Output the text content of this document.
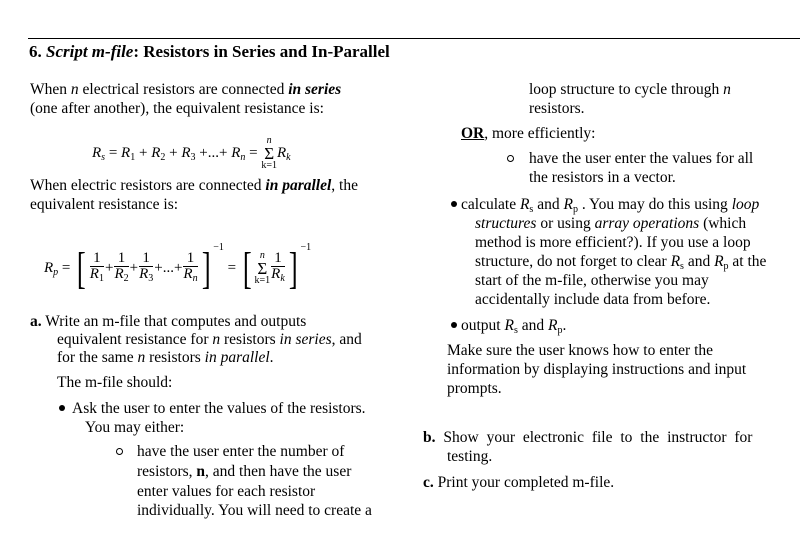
6. Script m-file: Resistors in Series and In-Parallel
When n electrical resistors are connected in series
(one after another), the equivalent resistance is:
$R_s = R_1 + R_2 + R_3$ +...+ $R_n = n$
Σ
$k=1R_k$
When electric resistors are connected in parallel, the
equivalent resistance is:
$R_p$ = [ $\frac{1}{R_1} + \frac{1}{R_2} + \frac{1}{R_3}$ +...+ $\frac{1}{R_n}$ ] $^{-1}$ = [ n
Σ
$k=1 \frac{1}{R_k}$ ] $^{-1}$
a. Write an m-file that computes and outputs
equivalent resistance for n resistors in series, and
for the same n resistors in parallel.
The m-file should:
Ask the user to enter the values of the resistors.
You may either:
have the user enter the number of
resistors, n, and then have the user
enter values for each resistor
individually. You will need to create a
loop structure to cycle through n
resistors.
OR, more efficiently:
have the user enter the values for all
the resistors in a vector.
calculate $R_s$ and $R_p$ . You may do this using loop
structures or using array operations (which
method is more efficient?). If you use a loop
structure, do not forget to clear $R_s$ and $R_p$ at the
start of the m-file, otherwise you may
accidentally include data from before.
output $R_s$ and $R_p$.
Make sure the user knows how to enter the
information by displaying instructions and input
prompts.
b. Show your electronic file to the instructor for
testing.
c. Print your completed m-file.
